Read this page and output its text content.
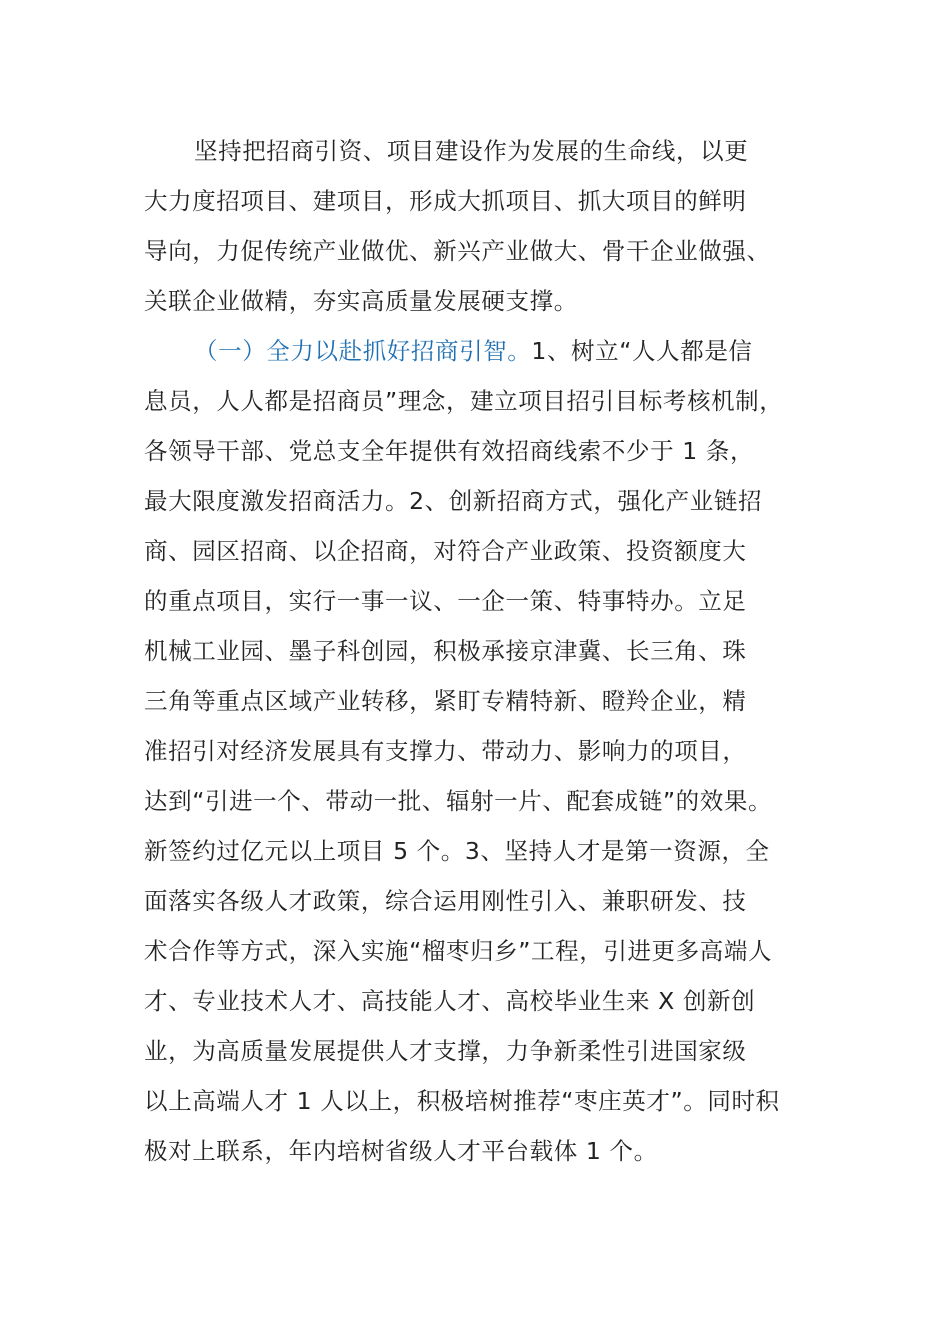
坚持把招商引资、项目建设作为发展的生命线，以更
大力度招项目、建项目，形成大抓项目、抓大项目的鲜明
导向，力促传统产业做优、新兴产业做大、骨干企业做强、
关联企业做精，夯实高质量发展硬支撑。
（一）全力以赴抓好招商引智。1、树立“人人都是信
息员，人人都是招商员”理念，建立项目招引目标考核机制，
各领导干部、党总支全年提供有效招商线索不少于 1 条，
最大限度激发招商活力。2、创新招商方式，强化产业链招
商、园区招商、以企招商，对符合产业政策、投资额度大
的重点项目，实行一事一议、一企一策、特事特办。立足
机械工业园、墨子科创园，积极承接京津冀、长三角、珠
三角等重点区域产业转移，紧盯专精特新、瞪羚企业，精
准招引对经济发展具有支撑力、带动力、影响力的项目，
达到“引进一个、带动一批、辐射一片、配套成链”的效果。
新签约过亿元以上项目 5 个。3、坚持人才是第一资源，全
面落实各级人才政策，综合运用刚性引入、兼职研发、技
术合作等方式，深入实施“榴枣归乡”工程，引进更多高端人
才、专业技术人才、高技能人才、高校毕业生来 X 创新创
业，为高质量发展提供人才支撑，力争新柔性引进国家级
以上高端人才 1 人以上，积极培树推荐“枣庄英才”。同时积
极对上联系，年内培树省级人才平台载体 1 个。
